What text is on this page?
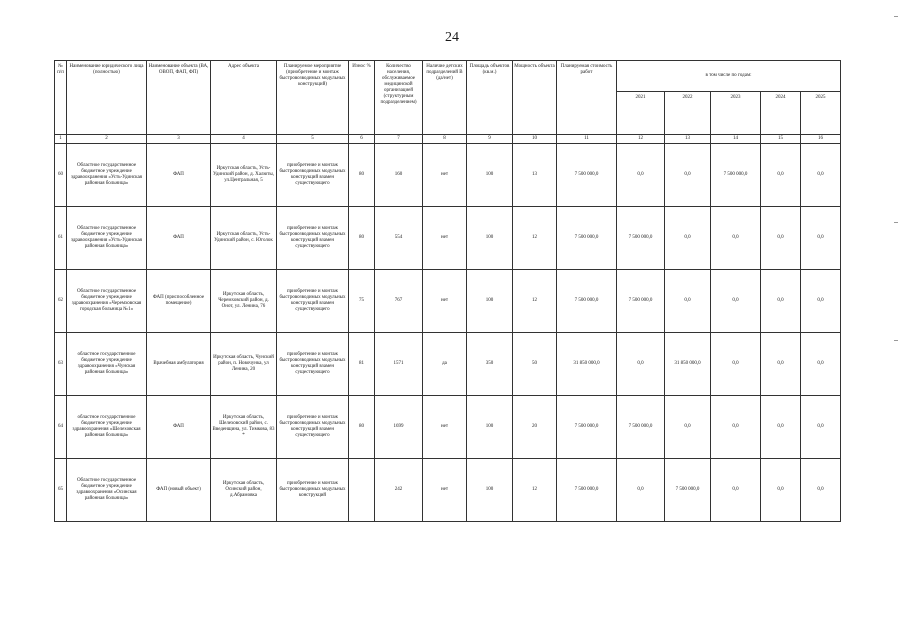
24
№ п/п	Наименование юридического лица (полностью)	Наименование объекта (ВА, ОВОП, ФАП, ФП)	Адрес объекта	Планируемое мероприятие (приобретение и монтаж быстровозводимых модульных конструкций)	Износ %	Количество населения, обслуживаемое медицинской организацией (структурным подразделением)	Наличие детских подразделений В (да/нет)	Площадь объектов (кв.м.)	Мощность объекта	Планируемая стоимость работ	в том числе по годам:				
											2021	2022	2023	2024	2025
1	2	3	4	5	6	7	8	9	10	11	12	13	14	15	16
60	Областное государственное бюджетное учреждение здравоохранения «Усть-Удинская районная больница»	ФАП	Иркутская область, Усть-Удинский район, д. Халюты, ул.Центральная, 5	приобретение и монтаж быстровозводимых модульных конструкций взамен существующего	80	160	нет	100	13	7 500 000,0	0,0	0,0	7 500 000,0	0,0	0,0
61	Областное государственное бюджетное учреждение здравоохранения «Усть-Удинская районная больница»	ФАП	Иркутская область, Усть-Удинский район, с. Юголок	приобретение и монтаж быстровозводимых модульных конструкций взамен существующего	80	554	нет	100	12	7 500 000,0	7 500 000,0	0,0	0,0	0,0	0,0
62	Областное государственное бюджетное учреждение здравоохранения «Черемховская городская больница №1»	ФАП (приспособленное помещение)	Иркутская область, Черемховский район, д. Онот, ул. Ленина, 76	приобретение и монтаж быстровозводимых модульных конструкций взамен существующего	75	767	нет	100	12	7 500 000,0	7 500 000,0	0,0	0,0	0,0	0,0
63	областное государственное бюджетное учреждение здравоохранения «Чунская районная больница»	Врачебная амбулатория	Иркутская область, Чунский район, п. Новочунка, ул Ленина, 20	приобретение и монтаж быстровозводимых модульных конструкций взамен существующего	81	1571	да	350	50	31 850 000,0	0,0	31 850 000,0	0,0	0,0	0,0
64	областное государственное бюджетное учреждение здравоохранения «Шелеховская районная больница»	ФАП	Иркутская область, Шелеховский район, с. Введенщина, ул. Тимкова, 83 *	приобретение и монтаж быстровозводимых модульных конструкций взамен существующего	80	1699	нет	100	20	7 500 000,0	7 500 000,0	0,0	0,0	0,0	0,0
65	Областное государственное бюджетное учреждение здравоохранения «Осинская районная больница»	ФАП (новый объект)	Иркутская область, Осинский район, д.Абрамовка	приобретение и монтаж быстровозводимых модульных конструкций		242	нет	100	12	7 500 000,0	0,0	7 500 000,0	0,0	0,0	0,0
